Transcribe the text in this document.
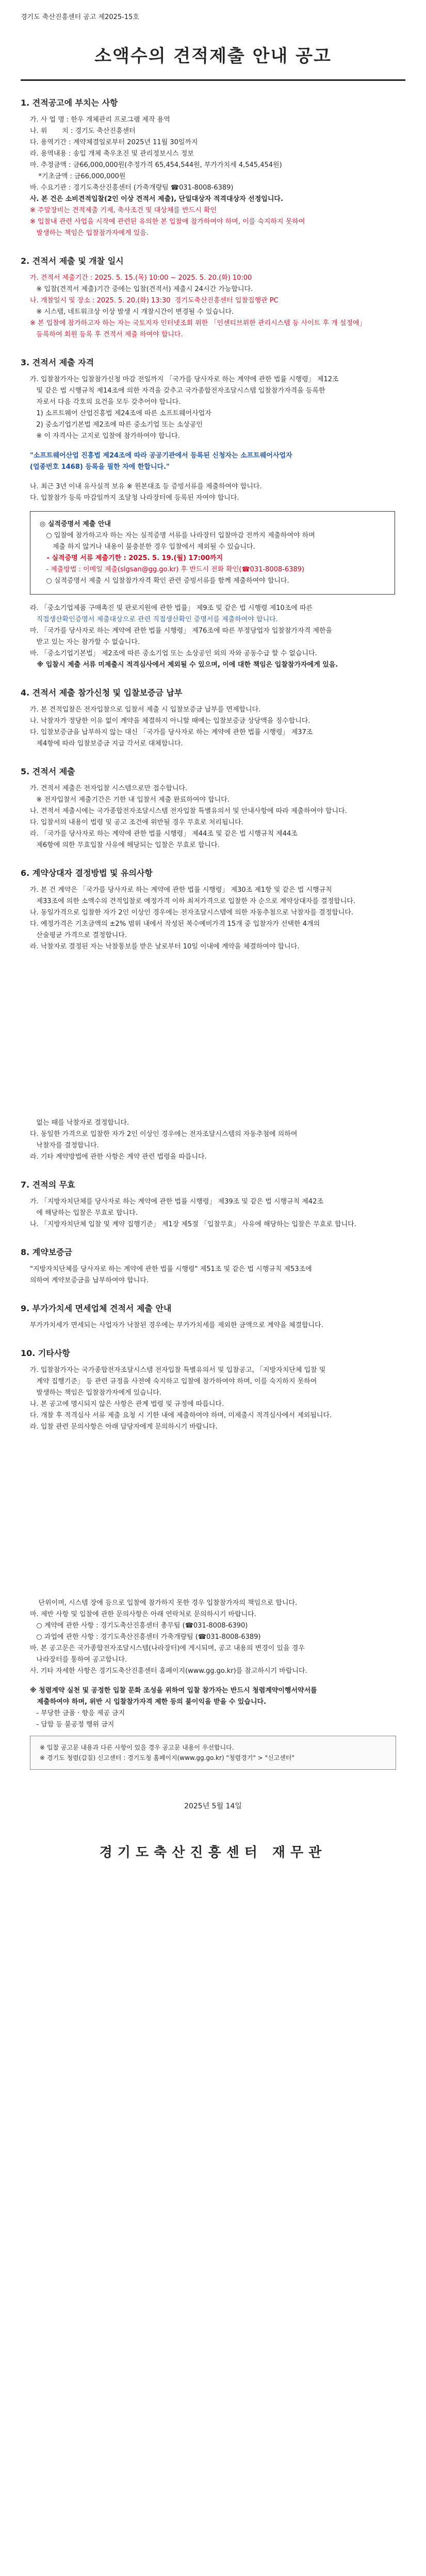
경기도 축산진흥센터 공고 제2025-15호
소액수의 견적제출 안내 공고
1. 견적공고에 부치는 사항
가. 사 업 명 : 한우 개체관리 프로그램 제작 용역
나. 위       치 : 경기도 축산진흥센터
다. 용역기간 : 계약체결일로부터 2025년 11월 30일까지
라. 용역내용 : 송입 개체 축우초진 및 관리정보시스 정보
마. 추정금액 : 금66,000,000원(추정가격 65,454,544원, 부가가치세 4,545,454원)
*기초금액 : 금66,000,000원
바. 수요기관 : 경기도축산진흥센터 (가축개량팀 ☎031-8008-6389)
사. 본 건은 소비견적입찰(2인 이상 견적서 제출), 단일대상자 적격대상자 선정입니다.
※ 주말장비는 견적제출 기재, 축사조건 및 대상체를 반드시 확인
※ 입찰내 관련 사업을 시작에 관련된 유의한 본 입찰에 참가하여야 하며, 이를 숙지하지 못하여
발생하는 책임은 입찰참가자에게 있음.
2. 견적서 제출 및 개찰 일시
가. 견적서 제출기간 : 2025. 5. 15.(목) 10:00 ~ 2025. 5. 20.(화) 10:00
※ 입찰(견적서 제출)기간 중에는 입찰(견적서) 제출시 24시간 가능합니다.
나. 개찰일시 및 장소 : 2025. 5. 20.(화) 13:30  경기도축산진흥센터 입찰집행관 PC
※ 시스템, 네트워크상 이상 발생 시 개찰시간이 변경될 수 있습니다.
※ 본 입찰에 참가하고자 하는 자는 국토지자 인터넷조회 위한 「인센티브위한 관리시스템 등 사이트 후 개 설정에」
등록하여 회원 등록 후 견적서 제출 하여야 합니다.
3. 견적서 제출 자격
가. 입찰참가자는 입찰참가신청 마감 전일까지 「국가를 당사자로 하는 계약에 관한 법률 시행령」 제12조
및 같은 법 시행규칙 제14조에 의한 자격을 갖추고 국가종합전자조달시스템 입찰참가자격을 등록한
자로서 다음 각호의 요건을 모두 갖추어야 합니다.
1) 소프트웨어 산업진흥법 제24조에 따른 소프트웨어사업자
2) 중소기업기본법 제2조에 따른 중소기업 또는 소상공인
※ 이 자격사는 고지로 입찰에 참가하여야 합니다.
"소프트웨어산업 진흥법 제24조에 따라 공공기관에서 등록된 신청자는 소프트웨어사업자
(업종번호 1468) 등록을 필한 자에 한합니다."
나. 최근 3년 이내 유사실적 보유 ※ 원본대조 등 증빙서류를 제출하여야 합니다.
다. 입찰참가 등록 마감일까지 조달청 나라장터에 등록된 자여야 합니다.
◎ 실적증명서 제출 안내
○ 입찰에 참가하고자 하는 자는 실적증명 서류를 나라장터 입찰마감 전까지 제출하여야 하며
제출 하지 않거나 내용이 불충분한 경우 입찰에서 제외될 수 있습니다.
- 실적증명 서류 제출기한 : 2025. 5. 19.(월) 17:00까지
- 제출방법 : 이메일 제출(slgsan@gg.go.kr) 후 반드시 전화 확인(☎031-8008-6389)
○ 실적증명서 제출 시 입찰참가자격 확인 관련 증빙서류를 함께 제출하여야 합니다.
라. 「중소기업제품 구매촉진 및 판로지원에 관한 법률」 제9조 및 같은 법 시행령 제10조에 따른
직접생산확인증명서 제출대상으로 관련 직접생산확인 증명서를 제출하여야 합니다.
마. 「국가를 당사자로 하는 계약에 관한 법률 시행령」 제76조에 따른 부정당업자 입찰참가자격 제한을
받고 있는 자는 참가할 수 없습니다.
바. 「중소기업기본법」 제2조에 따른 중소기업 또는 소상공인 외의 자와 공동수급 할 수 없습니다.
※ 입찰시 제출 서류 미제출시 적격심사에서 제외될 수 있으며, 이에 대한 책임은 입찰참가자에게 있음.
4. 견적서 제출 참가신청 및 입찰보증금 납부
가. 본 견적입찰은 전자입찰으로 입찰서 제출 시 입찰보증금 납부를 면제합니다.
나. 낙찰자가 정당한 이유 없이 계약을 체결하지 아니할 때에는 입찰보증금 상당액을 징수합니다.
다. 입찰보증금을 납부하지 않는 대신 「국가를 당사자로 하는 계약에 관한 법률 시행령」 제37조
제4항에 따라 입찰보증금 지급 각서로 대체합니다.
5. 견적서 제출
가. 견적서 제출은 전자입찰 시스템으로만 접수합니다.
※ 전자입찰서 제출기간은 기한 내 입찰서 제출 완료하여야 합니다.
나. 견적서 제출시에는 국가종합전자조달시스템 전자입찰 특별유의서 및 안내사항에 따라 제출하여야 합니다.
다. 입찰서의 내용이 법령 및 공고 조건에 위반될 경우 무효로 처리됩니다.
라. 「국가를 당사자로 하는 계약에 관한 법률 시행령」 제44조 및 같은 법 시행규칙 제44조
제6항에 의한 무효입찰 사유에 해당되는 입찰은 무효로 합니다.
6. 계약상대자 결정방법 및 유의사항
가. 본 건 계약은 「국가를 당사자로 하는 계약에 관한 법률 시행령」 제30조 제1항 및 같은 법 시행규칙
제33조에 의한 소액수의 견적입찰로 예정가격 이하 최저가격으로 입찰한 자 순으로 계약상대자를 결정합니다.
나. 동일가격으로 입찰한 자가 2인 이상인 경우에는 전자조달시스템에 의한 자동추첨으로 낙찰자를 결정합니다.
다. 예정가격은 기초금액의 ±2% 범위 내에서 작성된 복수예비가격 15개 중 입찰자가 선택한 4개의
산술평균 가격으로 결정합니다.
라. 낙찰자로 결정된 자는 낙찰통보를 받은 날로부터 10일 이내에 계약을 체결하여야 합니다.
없는 때를 낙찰자로 결정합니다.
다. 동일한 가격으로 입찰한 자가 2인 이상인 경우에는 전자조달시스템의 자동추첨에 의하여
낙찰자를 결정합니다.
라. 기타 계약방법에 관한 사항은 계약 관련 법령을 따릅니다.
7. 견적의 무효
가. 「지방자치단체를 당사자로 하는 계약에 관한 법률 시행령」 제39조 및 같은 법 시행규칙 제42조
에 해당하는 입찰은 무효로 합니다.
나. 「지방자치단체 입찰 및 계약 집행기준」 제1장 제5절 「입찰무효」 사유에 해당하는 입찰은 무효로 합니다.
8. 계약보증금
"지방자치단체를 당사자로 하는 계약에 관한 법률 시행령" 제51조 및 같은 법 시행규칙 제53조에
의하여 계약보증금을 납부하여야 합니다.
9. 부가가치세 면세업체 견적서 제출 안내
부가가치세가 면세되는 사업자가 낙찰된 경우에는 부가가치세를 제외한 금액으로 계약을 체결합니다.
10. 기타사항
가. 입찰참가자는 국가종합전자조달시스템 전자입찰 특별유의서 및 입찰공고, 「지방자치단체 입찰 및
계약 집행기준」 등 관련 규정을 사전에 숙지하고 입찰에 참가하여야 하며, 이를 숙지하지 못하여
발생하는 책임은 입찰참가자에게 있습니다.
나. 본 공고에 명시되지 않은 사항은 관계 법령 및 규정에 따릅니다.
다. 개찰 후 적격심사 서류 제출 요청 시 기한 내에 제출하여야 하며, 미제출시 적격심사에서 제외됩니다.
라. 입찰 관련 문의사항은 아래 담당자에게 문의하시기 바랍니다.
단위이며, 시스템 장애 등으로 입찰에 참가하지 못한 경우 입찰참가자의 책임으로 합니다.
마. 제반 사항 및 입찰에 관한 문의사항은 아래 연락처로 문의하시기 바랍니다.
○ 계약에 관한 사항 : 경기도축산진흥센터 총무팀 (☎031-8008-6390)
○ 과업에 관한 사항 : 경기도축산진흥센터 가축개량팀 (☎031-8008-6389)
바. 본 공고문은 국가종합전자조달시스템(나라장터)에 게시되며, 공고 내용의 변경이 있을 경우
나라장터를 통하여 공고합니다.
사. 기타 자세한 사항은 경기도축산진흥센터 홈페이지(www.gg.go.kr)를 참고하시기 바랍니다.
※ 청렴계약 실천 및 공정한 입찰 문화 조성을 위하여 입찰 참가자는 반드시 청렴계약이행서약서를
제출하여야 하며, 위반 시 입찰참가자격 제한 등의 불이익을 받을 수 있습니다.
- 부당한 금품 · 향응 제공 금지
- 담합 등 불공정 행위 금지
※ 입찰 공고문 내용과 다른 사항이 있을 경우 공고문 내용이 우선합니다.
※ 경기도 청렴(갑질) 신고센터 : 경기도청 홈페이지(www.gg.go.kr) "청렴경기" > "신고센터"
2025년 5월 14일
경기도축산진흥센터 재무관
